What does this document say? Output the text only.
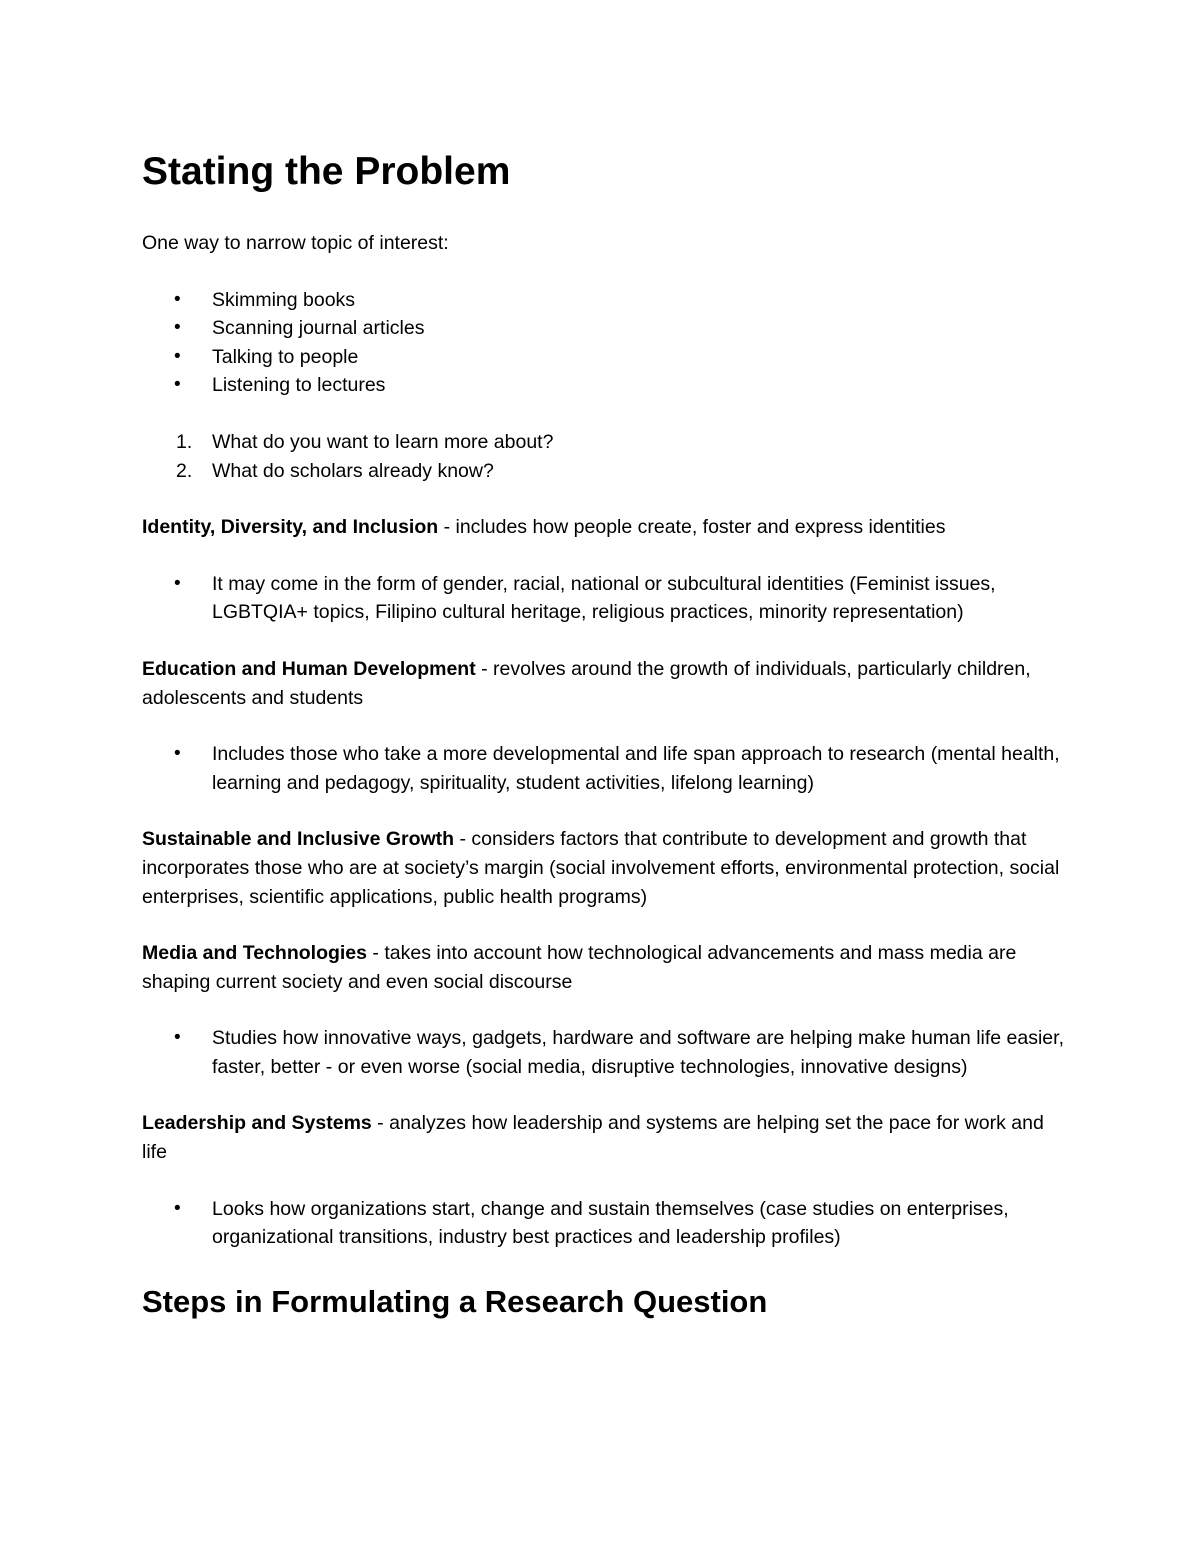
Stating the Problem

One way to narrow topic of interest:

• Skimming books
• Scanning journal articles
• Talking to people
• Listening to lectures
1. What do you want to learn more about?
2. What do scholars already know?

Identity, Diversity, and Inclusion - includes how people create, foster and express identities

• It may come in the form of gender, racial, national or subcultural identities (Feminist issues, LGBTQIA+ topics, Filipino cultural heritage, religious practices, minority representation)

Education and Human Development - revolves around the growth of individuals, particularly children, adolescents and students

• Includes those who take a more developmental and life span approach to research (mental health, learning and pedagogy, spirituality, student activities, lifelong learning)

Sustainable and Inclusive Growth - considers factors that contribute to development and growth that incorporates those who are at society’s margin (social involvement efforts, environmental protection, social enterprises, scientific applications, public health programs)

Media and Technologies - takes into account how technological advancements and mass media are shaping current society and even social discourse

• Studies how innovative ways, gadgets, hardware and software are helping make human life easier, faster, better - or even worse (social media, disruptive technologies, innovative designs)

Leadership and Systems - analyzes how leadership and systems are helping set the pace for work and life

• Looks how organizations start, change and sustain themselves (case studies on enterprises, organizational transitions, industry best practices and leadership profiles)
Steps in Formulating a Research Question
